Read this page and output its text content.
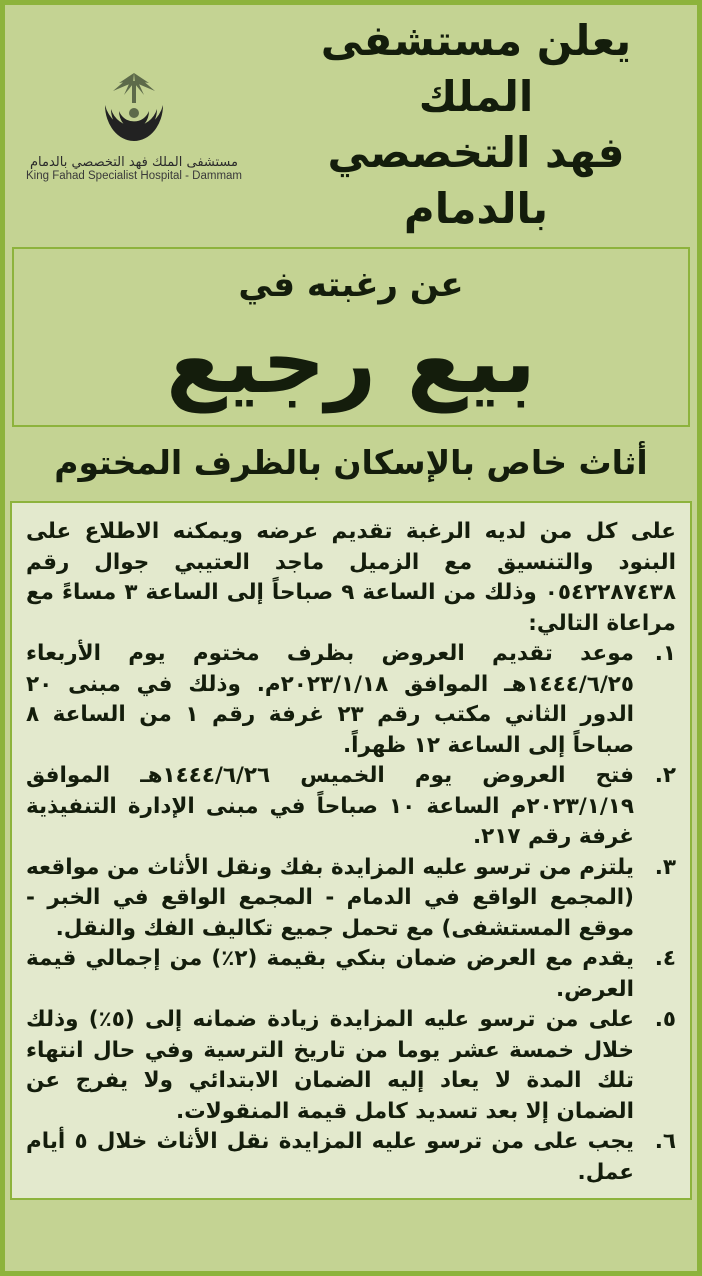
مستشفى الملك فهد التخصصي بالدمام
King Fahad Specialist Hospital - Dammam
يعلن مستشفى الملك
فهد التخصصي بالدمام
عن رغبته في
بيع رجيع
أثاث خاص بالإسكان بالظرف المختوم
على كل من لديه الرغبة تقديم عرضه ويمكنه الاطلاع على البنود والتنسيق مع الزميل ماجد العتيبي جوال رقم ٠٥٤٢٢٨٧٤٣٨ وذلك من الساعة ٩ صباحاً إلى الساعة ٣ مساءً مع مراعاة التالي:
١.
موعد تقديم العروض بظرف مختوم يوم الأربعاء ١٤٤٤/٦/٢٥هـ الموافق ٢٠٢٣/١/١٨م. وذلك في مبنى ٢٠ الدور الثاني مكتب رقم ٢٣ غرفة رقم ١ من الساعة ٨ صباحاً إلى الساعة ١٢ ظهراً.
٢.
فتح العروض يوم الخميس ١٤٤٤/٦/٢٦هـ الموافق ٢٠٢٣/١/١٩م الساعة ١٠ صباحاً في مبنى الإدارة التنفيذية غرفة رقم ٢١٧.
٣.
يلتزم من ترسو عليه المزايدة بفك ونقل الأثاث من مواقعه (المجمع الواقع في الدمام - المجمع الواقع في الخبر - موقع المستشفى) مع تحمل جميع تكاليف الفك والنقل.
٤.
يقدم مع العرض ضمان بنكي بقيمة (٢٪) من إجمالي قيمة العرض.
٥.
على من ترسو عليه المزايدة زيادة ضمانه إلى (٥٪) وذلك خلال خمسة عشر يوما من تاريخ الترسية وفي حال انتهاء تلك المدة لا يعاد إليه الضمان الابتدائي ولا يفرج عن الضمان إلا بعد تسديد كامل قيمة المنقولات.
٦.
يجب على من ترسو عليه المزايدة نقل الأثاث خلال ٥ أيام عمل.
